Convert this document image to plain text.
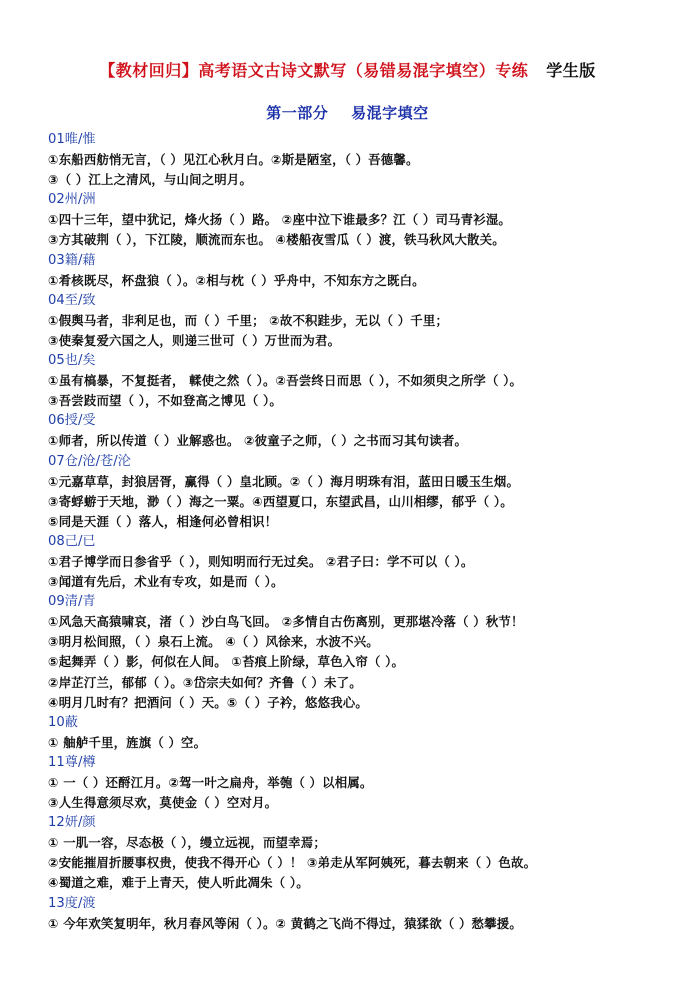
【教材回归】高考语文古诗文默写（易错易混字填空）专练 学生版
第一部分    易混字填空
01唯/惟
①东船西舫悄无言，（ ）见江心秋月白。②斯是陋室，（ ）吾德馨。
③（ ）江上之清风，与山间之明月。
02州/洲
①四十三年，望中犹记，烽火扬（ ）路。 ②座中泣下谁最多？江（ ）司马青衫湿。
③方其破荆（ ），下江陵，顺流而东也。 ④楼船夜雪瓜（ ）渡，铁马秋风大散关。
03籍/藉
①肴核既尽，杯盘狼（ ）。②相与枕（ ）乎舟中，不知东方之既白。
04至/致
①假舆马者，非利足也，而（ ）千里； ②故不积跬步，无以（ ）千里；
③使秦复爱六国之人，则递三世可（ ）万世而为君。
05也/矣
①虽有槁暴，不复挺者， 輮使之然（ ）。②吾尝终日而思（ ），不如须臾之所学（ ）。
③吾尝跂而望（ ），不如登高之博见（ ）。
06授/受
①师者，所以传道（ ）业解惑也。 ②彼童子之师，（ ）之书而习其句读者。
07仓/沧/苍/沦
①元嘉草草，封狼居胥，赢得（ ）皇北顾。②（ ）海月明珠有泪，蓝田日暖玉生烟。
③寄蜉蝣于天地，渺（ ）海之一粟。④西望夏口，东望武昌，山川相缪，郁乎（ ）。
⑤同是天涯（ ）落人，相逢何必曾相识！
08己/已
①君子博学而日参省乎（ ），则知明而行无过矣。 ②君子曰：学不可以（ ）。
③闻道有先后，术业有专攻，如是而（ ）。
09清/青
①风急天高猿啸哀，渚（ ）沙白鸟飞回。 ②多情自古伤离别，更那堪冷落（ ）秋节！
③明月松间照，（ ）泉石上流。 ④（ ）风徐来，水波不兴。
⑤起舞弄（ ）影，何似在人间。 ①苔痕上阶绿，草色入帘（ ）。
②岸芷汀兰，郁郁（ ）。③岱宗夫如何？齐鲁（ ）未了。
④明月几时有？把酒问（ ）天。⑤（ ）子衿，悠悠我心。
10蔽
① 舳舻千里，旌旗（ ）空。
11尊/樽
① 一（ ）还酹江月。②驾一叶之扁舟，举匏（ ）以相属。
③人生得意须尽欢，莫使金（ ）空对月。
12妍/颜
① 一肌一容，尽态极（ ），缦立远视，而望幸焉；
②安能摧眉折腰事权贵，使我不得开心（ ）！ ③弟走从军阿姨死，暮去朝来（ ）色故。
④蜀道之难，难于上青天，使人听此凋朱（ ）。
13度/渡
① 今年欢笑复明年，秋月春风等闲（ ）。② 黄鹤之飞尚不得过，猿猱欲（ ）愁攀援。
